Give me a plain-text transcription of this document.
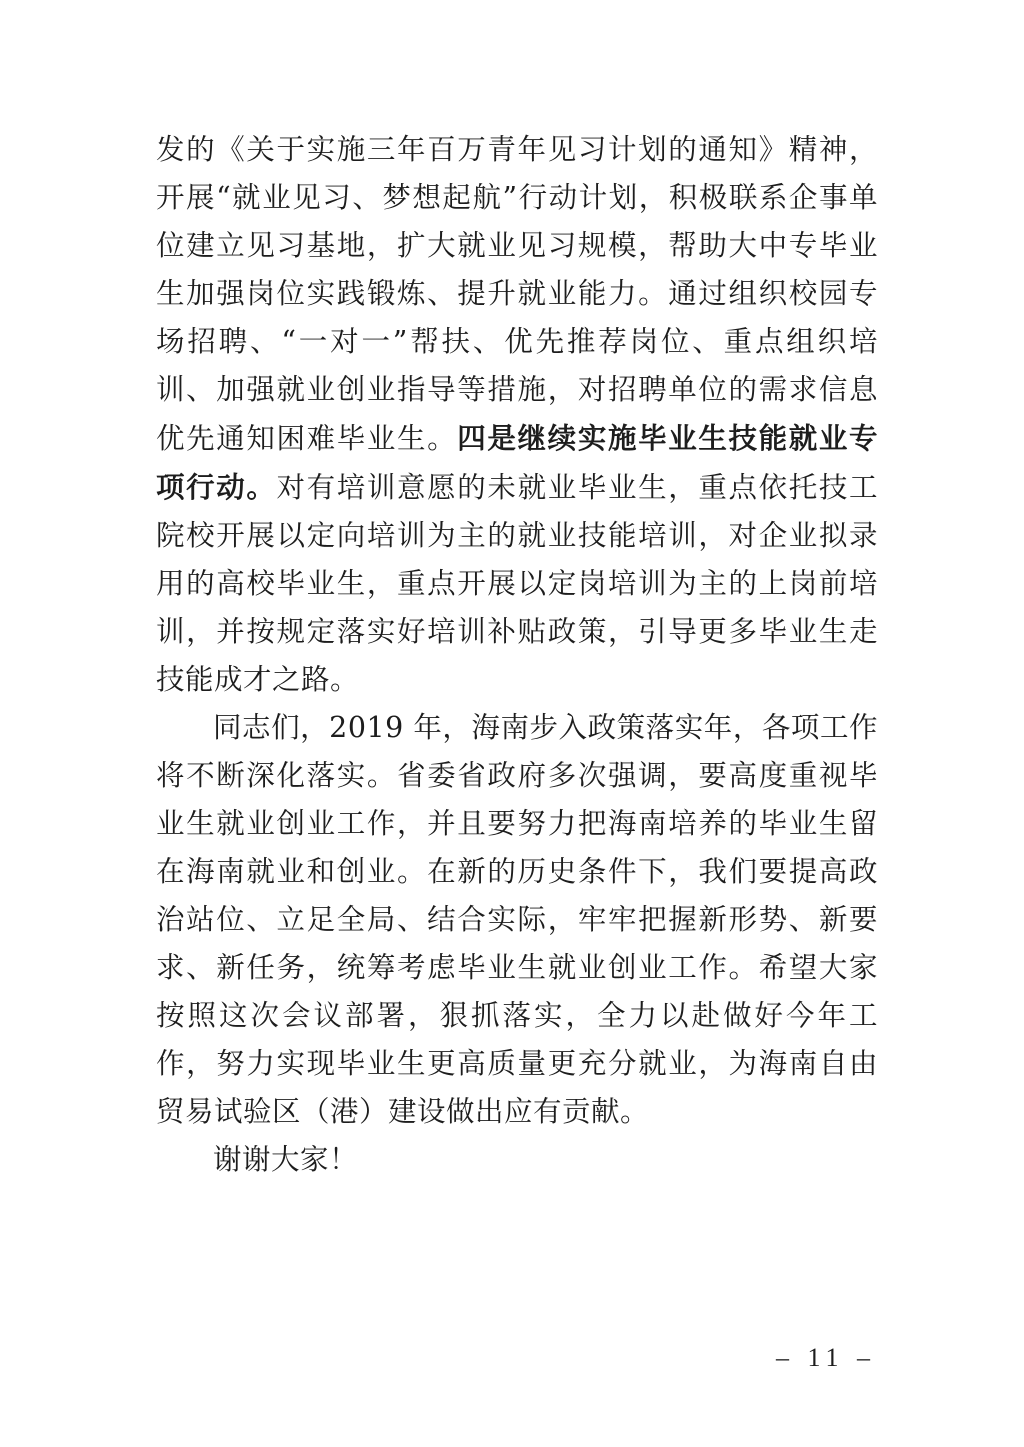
发的《关于实施三年百万青年见习计划的通知》精神，开展“就业见习、梦想起航”行动计划，积极联系企事单位建立见习基地，扩大就业见习规模，帮助大中专毕业生加强岗位实践锻炼、提升就业能力。通过组织校园专场招聘、“一对一”帮扶、优先推荐岗位、重点组织培训、加强就业创业指导等措施，对招聘单位的需求信息优先通知困难毕业生。四是继续实施毕业生技能就业专项行动。对有培训意愿的未就业毕业生，重点依托技工院校开展以定向培训为主的就业技能培训，对企业拟录用的高校毕业生，重点开展以定岗培训为主的上岗前培训，并按规定落实好培训补贴政策，引导更多毕业生走技能成才之路。

同志们，2019 年，海南步入政策落实年，各项工作将不断深化落实。省委省政府多次强调，要高度重视毕业生就业创业工作，并且要努力把海南培养的毕业生留在海南就业和创业。在新的历史条件下，我们要提高政治站位、立足全局、结合实际，牢牢把握新形势、新要求、新任务，统筹考虑毕业生就业创业工作。希望大家按照这次会议部署，狠抓落实，全力以赴做好今年工作，努力实现毕业生更高质量更充分就业，为海南自由贸易试验区（港）建设做出应有贡献。

谢谢大家！

– 11 –
